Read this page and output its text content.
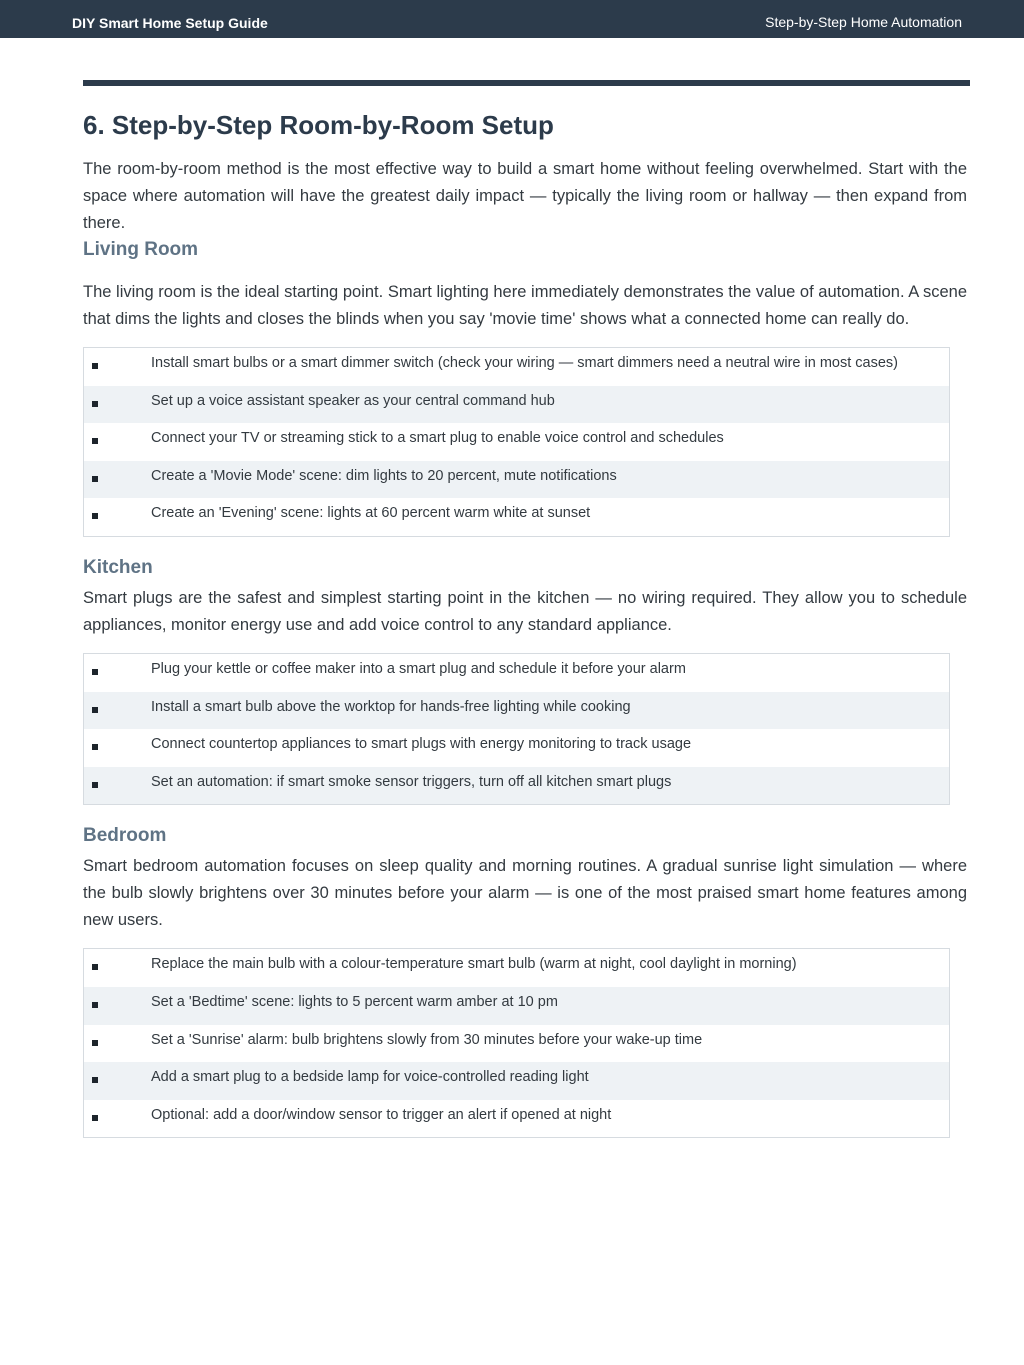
DIY Smart Home Setup Guide	Step-by-Step Home Automation
6. Step-by-Step Room-by-Room Setup

The room-by-room method is the most effective way to build a smart home without feeling overwhelmed. Start with the space where automation will have the greatest daily impact — typically the living room or hallway — then expand from there.

Living Room

The living room is the ideal starting point. Smart lighting here immediately demonstrates the value of automation. A scene that dims the lights and closes the blinds when you say 'movie time' shows what a connected home can really do.

Install smart bulbs or a smart dimmer switch (check your wiring — smart dimmers need a neutral wire in most cases)
Set up a voice assistant speaker as your central command hub
Connect your TV or streaming stick to a smart plug to enable voice control and schedules
Create a 'Movie Mode' scene: dim lights to 20 percent, mute notifications
Create an 'Evening' scene: lights at 60 percent warm white at sunset
Kitchen

Smart plugs are the safest and simplest starting point in the kitchen — no wiring required. They allow you to schedule appliances, monitor energy use and add voice control to any standard appliance.

Plug your kettle or coffee maker into a smart plug and schedule it before your alarm
Install a smart bulb above the worktop for hands-free lighting while cooking
Connect countertop appliances to smart plugs with energy monitoring to track usage
Set an automation: if smart smoke sensor triggers, turn off all kitchen smart plugs
Bedroom

Smart bedroom automation focuses on sleep quality and morning routines. A gradual sunrise light simulation — where the bulb slowly brightens over 30 minutes before your alarm — is one of the most praised smart home features among new users.

Replace the main bulb with a colour-temperature smart bulb (warm at night, cool daylight in morning)
Set a 'Bedtime' scene: lights to 5 percent warm amber at 10 pm
Set a 'Sunrise' alarm: bulb brightens slowly from 30 minutes before your wake-up time
Add a smart plug to a bedside lamp for voice-controlled reading light
Optional: add a door/window sensor to trigger an alert if opened at night
